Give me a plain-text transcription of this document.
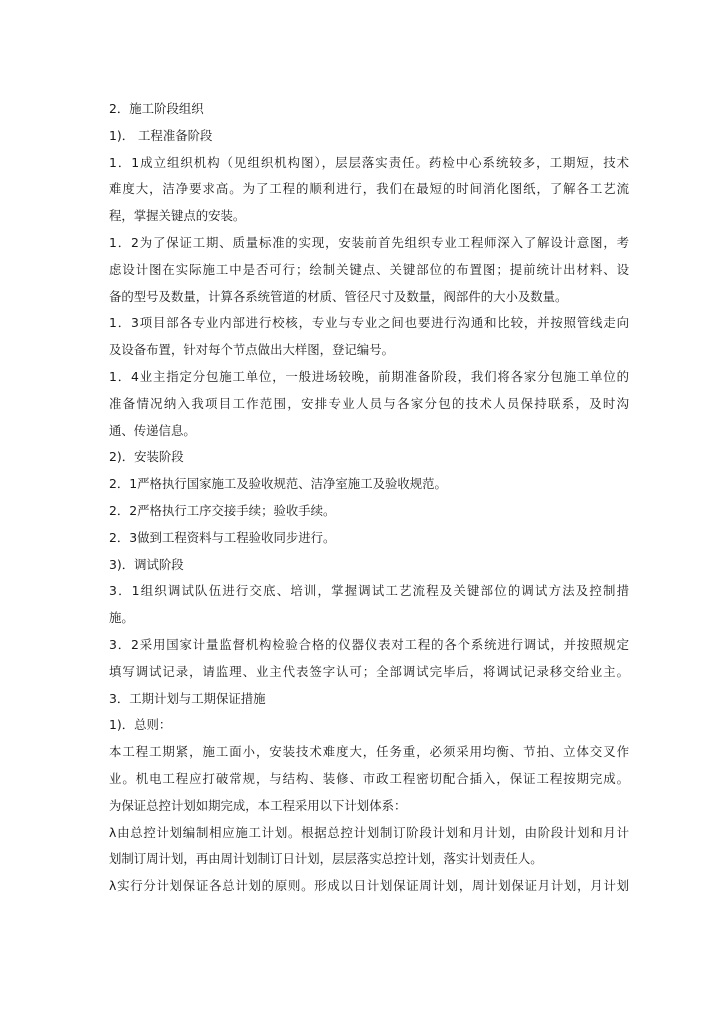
2．施工阶段组织
1)． 工程准备阶段
1．1成立组织机构（见组织机构图），层层落实责任。药检中心系统较多，工期短，技术
难度大，洁净要求高。为了工程的顺利进行，我们在最短的时间消化图纸，了解各工艺流
程，掌握关键点的安装。
1．2为了保证工期、质量标准的实现，安装前首先组织专业工程师深入了解设计意图，考
虑设计图在实际施工中是否可行；绘制关键点、关键部位的布置图；提前统计出材料、设
备的型号及数量，计算各系统管道的材质、管径尺寸及数量，阀部件的大小及数量。
1．3项目部各专业内部进行校核，专业与专业之间也要进行沟通和比较，并按照管线走向
及设备布置，针对每个节点做出大样图，登记编号。
1．4业主指定分包施工单位，一般进场较晚，前期准备阶段，我们将各家分包施工单位的
准备情况纳入我项目工作范围，安排专业人员与各家分包的技术人员保持联系，及时沟
通、传递信息。
2)．安装阶段
2．1严格执行国家施工及验收规范、洁净室施工及验收规范。
2．2严格执行工序交接手续；验收手续。
2．3做到工程资料与工程验收同步进行。
3)．调试阶段
3．1组织调试队伍进行交底、培训，掌握调试工艺流程及关键部位的调试方法及控制措
施。
3．2采用国家计量监督机构检验合格的仪器仪表对工程的各个系统进行调试，并按照规定
填写调试记录，请监理、业主代表签字认可；全部调试完毕后，将调试记录移交给业主。
3．工期计划与工期保证措施
1)．总则：
本工程工期紧，施工面小，安装技术难度大，任务重，必须采用均衡、节拍、立体交叉作
业。机电工程应打破常规，与结构、装修、市政工程密切配合插入，保证工程按期完成。
为保证总控计划如期完成，本工程采用以下计划体系：
λ由总控计划编制相应施工计划。根据总控计划制订阶段计划和月计划，由阶段计划和月计
划制订周计划，再由周计划制订日计划，层层落实总控计划，落实计划责任人。
λ实行分计划保证各总计划的原则。形成以日计划保证周计划，周计划保证月计划，月计划
